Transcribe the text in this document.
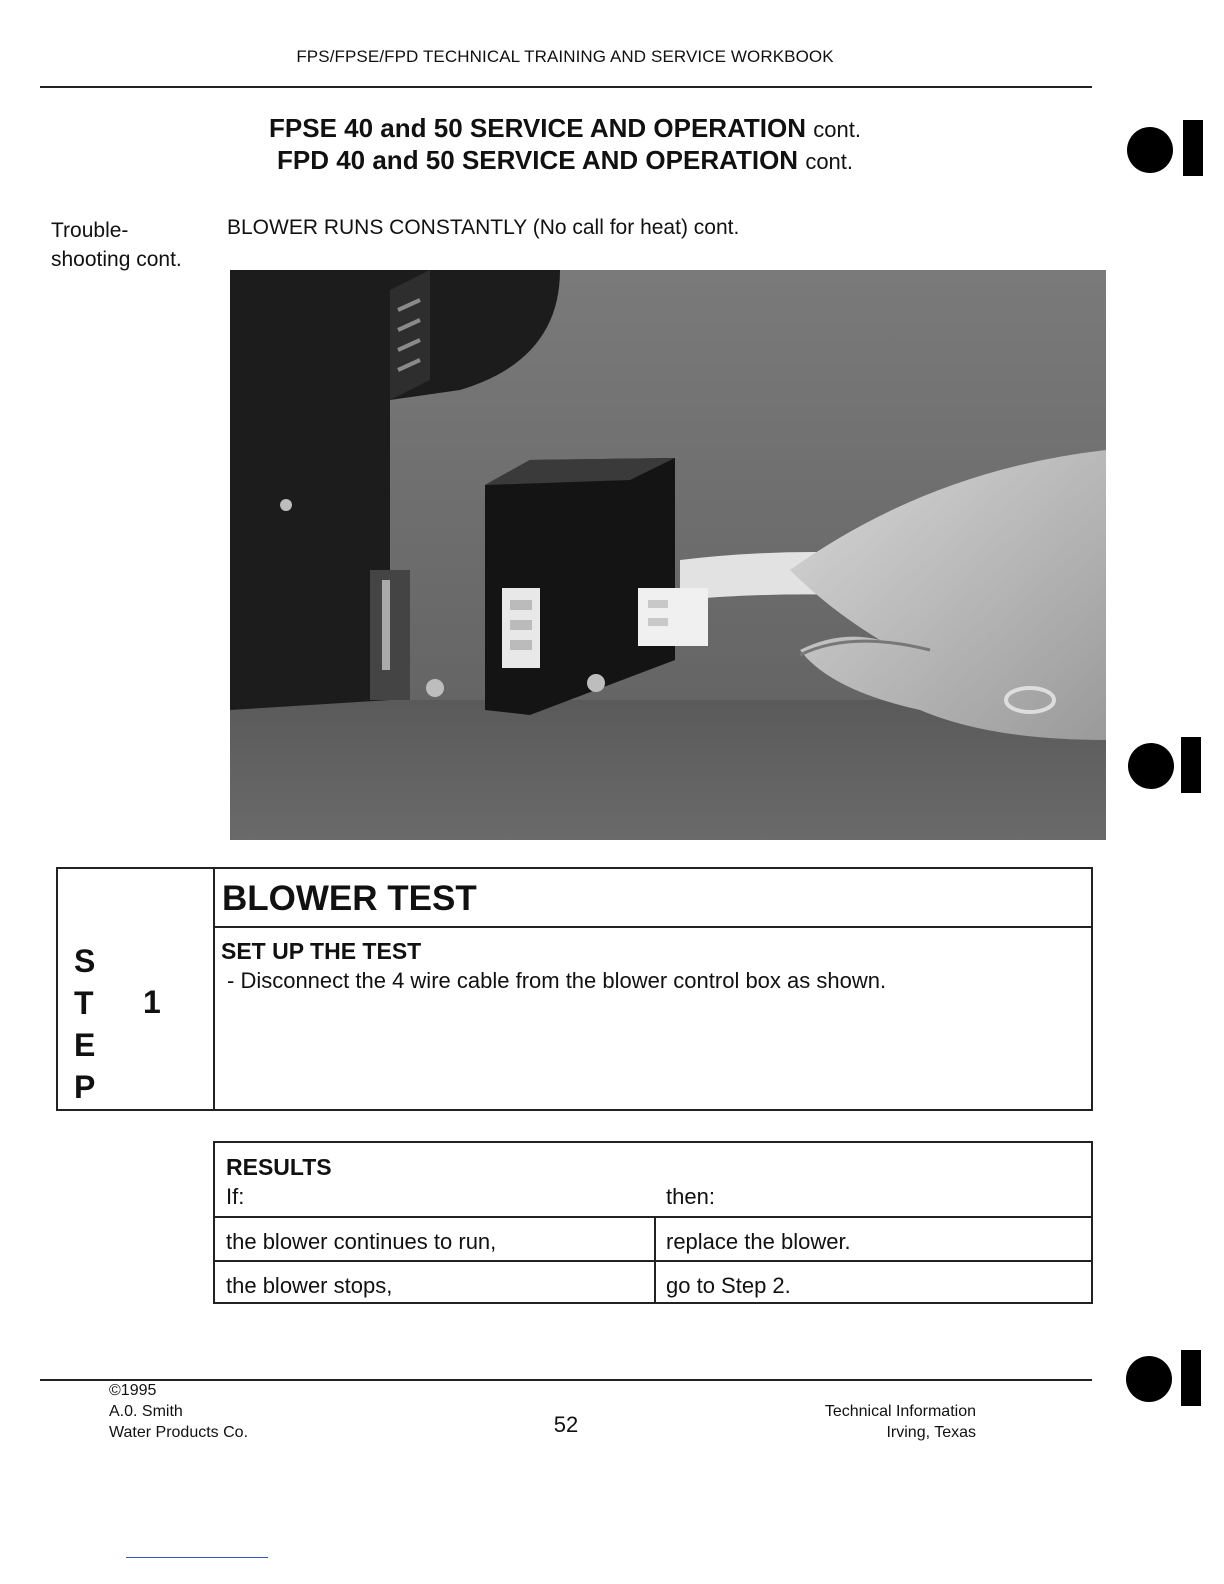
FPS/FPSE/FPD TECHNICAL TRAINING AND SERVICE WORKBOOK
FPSE 40 and 50 SERVICE AND OPERATION cont.
FPD 40 and 50 SERVICE AND OPERATION cont.
Trouble-
shooting cont.
BLOWER RUNS CONSTANTLY (No call for heat) cont.
S
T
E
P
1
BLOWER TEST
SET UP THE TEST
- Disconnect the 4 wire cable from the blower control box as shown.
RESULTS
If:	then:
the blower continues to run,	replace the blower.
the blower stops,	go to Step 2.
©1995
A.0. Smith
Water Products Co.	52
Technical Information
Irving, Texas
